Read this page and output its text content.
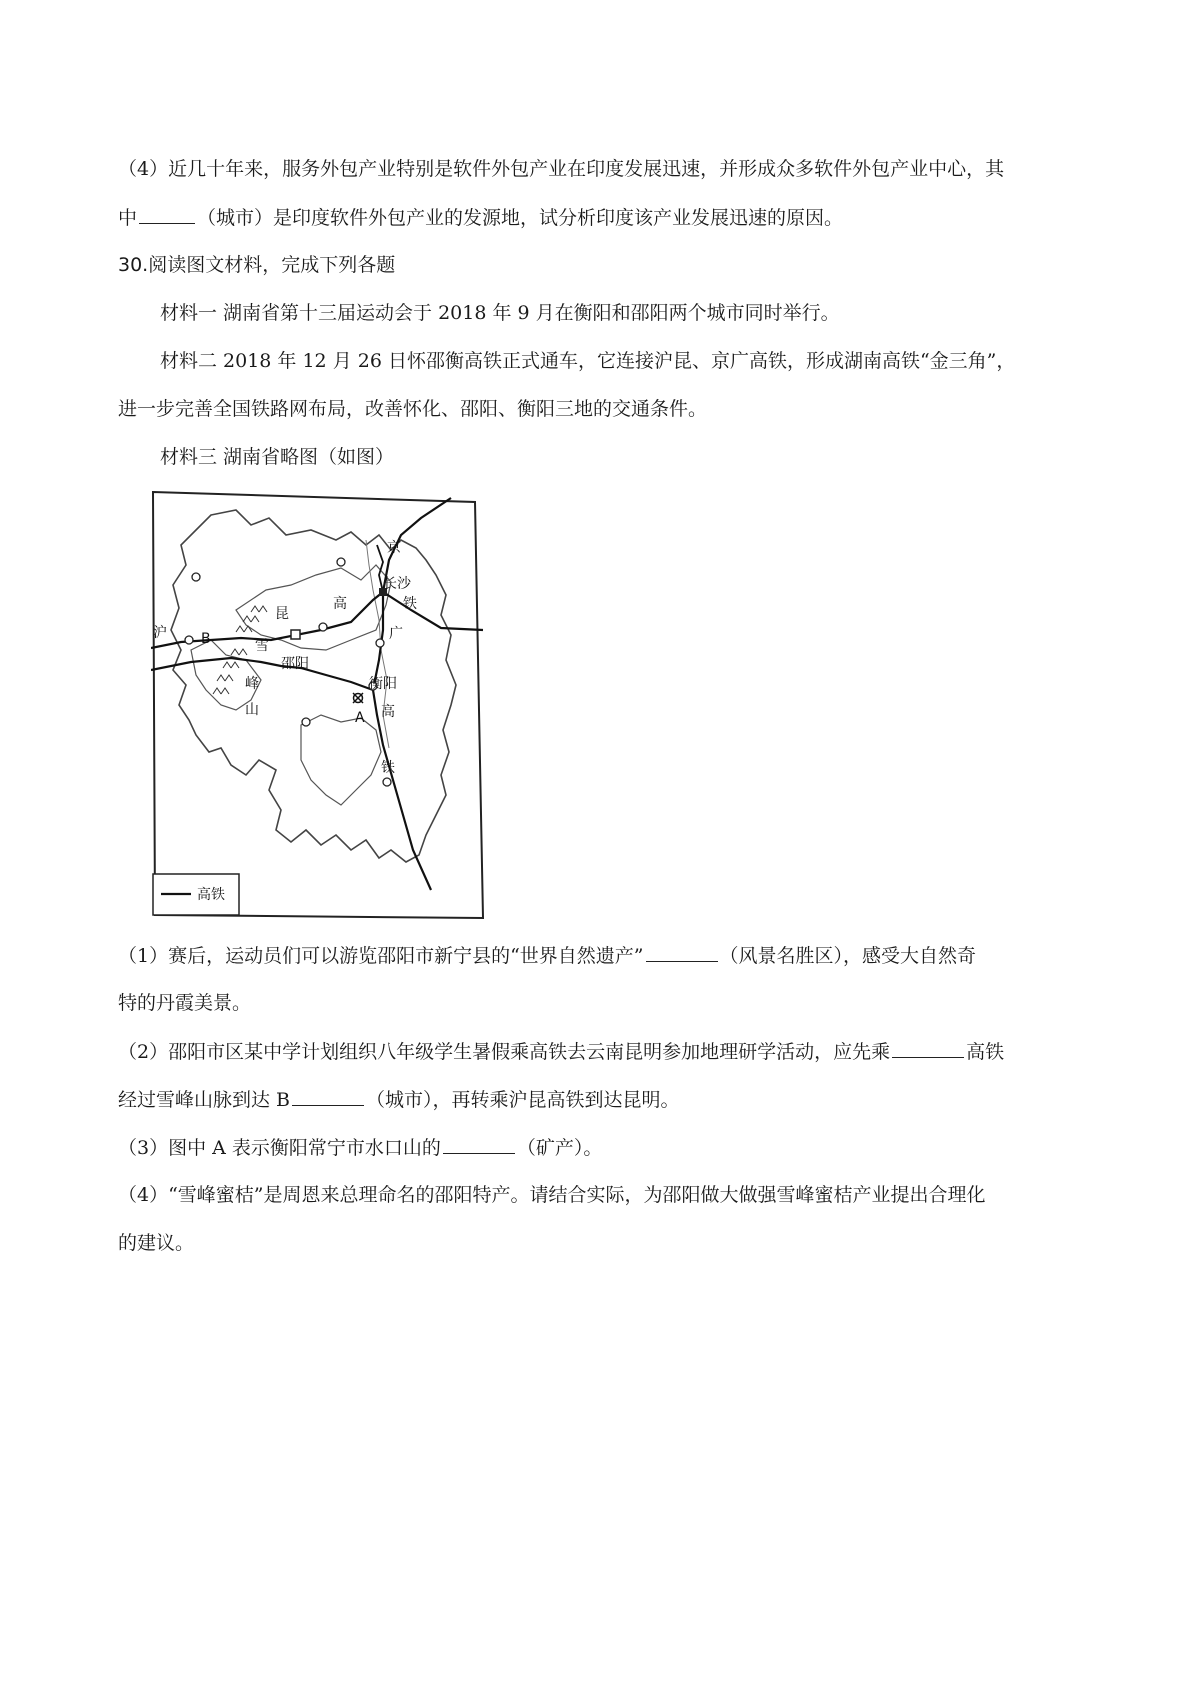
（4）近几十年来，服务外包产业特别是软件外包产业在印度发展迅速，并形成众多软件外包产业中心，其
中	（城市）是印度软件外包产业的发源地，试分析印度该产业发展迅速的原因。
30.阅读图文材料，完成下列各题
材料一 湖南省第十三届运动会于 2018 年 9 月在衡阳和邵阳两个城市同时举行。
材料二 2018 年 12 月 26 日怀邵衡高铁正式通车，它连接沪昆、京广高铁，形成湖南高铁“金三角”，
进一步完善全国铁路网布局，改善怀化、邵阳、衡阳三地的交通条件。
材料三 湖南省略图（如图）
京
长沙
铁
高
广
沪 B
昆
雪
峰
山
邵阳
衡阳
A 高
铁
高铁
（1）赛后，运动员们可以游览邵阳市新宁县的“世界自然遗产”	（风景名胜区），感受大自然奇
特的丹霞美景。
（2）邵阳市区某中学计划组织八年级学生暑假乘高铁去云南昆明参加地理研学活动，应先乘	高铁
经过雪峰山脉到达 B	（城市），再转乘沪昆高铁到达昆明。
（3）图中 A 表示衡阳常宁市水口山的	（矿产）。
（4）“雪峰蜜桔”是周恩来总理命名的邵阳特产。请结合实际，为邵阳做大做强雪峰蜜桔产业提出合理化
的建议。
